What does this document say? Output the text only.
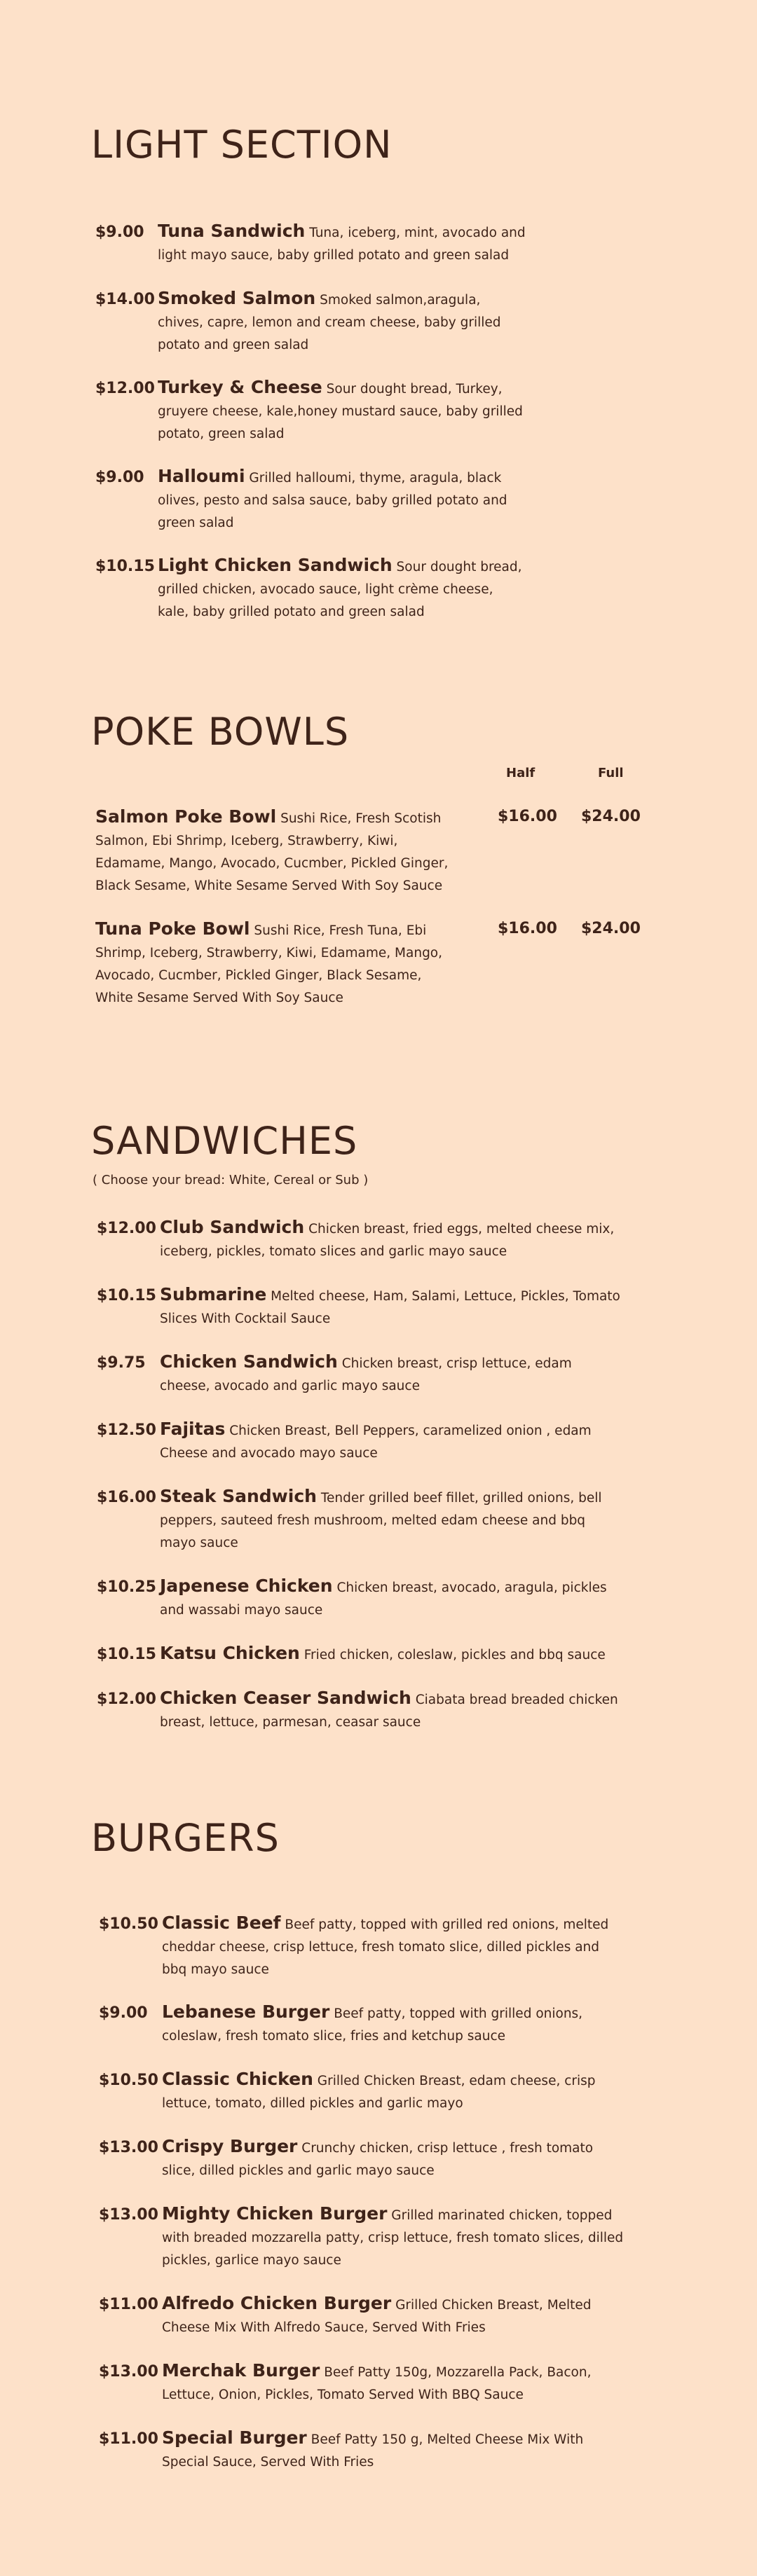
LIGHT SECTION
$9.00 Tuna Sandwich Tuna, iceberg, mint, avocado and light mayo sauce, baby grilled potato and green salad
$14.00 Smoked Salmon Smoked salmon,aragula, chives, capre, lemon and cream cheese, baby grilled potato and green salad
$12.00 Turkey & Cheese Sour dought bread, Turkey, gruyere cheese, kale,honey mustard sauce, baby grilled potato, green salad
$9.00 Halloumi Grilled halloumi, thyme, aragula, black olives, pesto and salsa sauce, baby grilled potato and green salad
$10.15 Light Chicken Sandwich Sour dought bread, grilled chicken, avocado sauce, light crème cheese, kale, baby grilled potato and green salad
POKE BOWLS
Half	Full
Salmon Poke Bowl Sushi Rice, Fresh Scotish Salmon, Ebi Shrimp, Iceberg, Strawberry, Kiwi, Edamame, Mango, Avocado, Cucmber, Pickled Ginger, Black Sesame, White Sesame Served With Soy Sauce
$16.00 $24.00
Tuna Poke Bowl Sushi Rice, Fresh Tuna, Ebi Shrimp, Iceberg, Strawberry, Kiwi, Edamame, Mango, Avocado, Cucmber, Pickled Ginger, Black Sesame, White Sesame Served With Soy Sauce
$16.00 $24.00
SANDWICHES
( Choose your bread: White, Cereal or Sub )
$12.00 Club Sandwich Chicken breast, fried eggs, melted cheese mix, iceberg, pickles, tomato slices and garlic mayo sauce
$10.15 Submarine Melted cheese, Ham, Salami, Lettuce, Pickles, Tomato Slices With Cocktail Sauce
$9.75 Chicken Sandwich Chicken breast, crisp lettuce, edam cheese, avocado and garlic mayo sauce
$12.50 Fajitas Chicken Breast, Bell Peppers, caramelized onion , edam Cheese and avocado mayo sauce
$16.00 Steak Sandwich Tender grilled beef fillet, grilled onions, bell peppers, sauteed fresh mushroom, melted edam cheese and bbq mayo sauce
$10.25 Japenese Chicken Chicken breast, avocado, aragula, pickles and wassabi mayo sauce
$10.15 Katsu Chicken Fried chicken, coleslaw, pickles and bbq sauce
$12.00 Chicken Ceaser Sandwich Ciabata bread breaded chicken breast, lettuce, parmesan, ceasar sauce
BURGERS
$10.50 Classic Beef Beef patty, topped with grilled red onions, melted cheddar cheese, crisp lettuce, fresh tomato slice, dilled pickles and bbq mayo sauce
$9.00 Lebanese Burger Beef patty, topped with grilled onions, coleslaw, fresh tomato slice, fries and ketchup sauce
$10.50 Classic Chicken Grilled Chicken Breast, edam cheese, crisp lettuce, tomato, dilled pickles and garlic mayo
$13.00 Crispy Burger Crunchy chicken, crisp lettuce , fresh tomato slice, dilled pickles and garlic mayo sauce
$13.00 Mighty Chicken Burger Grilled marinated chicken, topped with breaded mozzarella patty, crisp lettuce, fresh tomato slices, dilled pickles, garlice mayo sauce
$11.00 Alfredo Chicken Burger Grilled Chicken Breast, Melted Cheese Mix With Alfredo Sauce, Served With Fries
$13.00 Merchak Burger Beef Patty 150g, Mozzarella Pack, Bacon, Lettuce, Onion, Pickles, Tomato Served With BBQ Sauce
$11.00 Special Burger Beef Patty 150 g, Melted Cheese Mix With Special Sauce, Served With Fries
